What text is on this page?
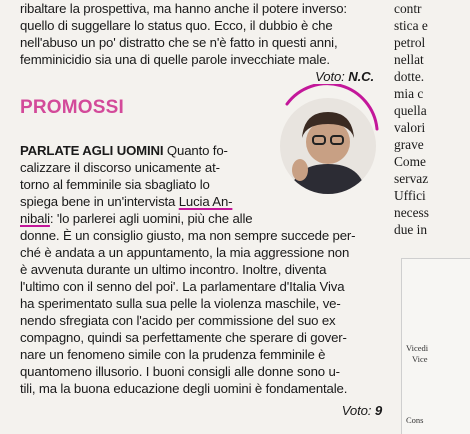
ribaltare la prospettiva, ma hanno anche il potere inverso:
quello di suggellare lo status quo. Ecco, il dubbio è che
nell'abuso un po' distratto che se n'è fatto in questi anni,
femminicidio sia una di quelle parole invecchiate male.
Voto: N.C.
PROMOSSI
PARLATE AGLI UOMINI Quanto fo-
calizzare il discorso unicamente at-
torno al femminile sia sbagliato lo
spiega bene in un'intervista Lucia An-
nibali: 'lo parlerei agli uomini, più che alle
donne. È un consiglio giusto, ma non sempre succede per-
ché è andata a un appuntamento, la mia aggressione non
è avvenuta durante un ultimo incontro. Inoltre, diventa
l'ultimo con il senno del poi'. La parlamentare d'Italia Viva
ha sperimentato sulla sua pelle la violenza maschile, ve-
nendo sfregiata con l'acido per commissione del suo ex
compagno, quindi sa perfettamente che sperare di gover-
nare un fenomeno simile con la prudenza femminile è
quantomeno illusorio. I buoni consigli alle donne sono u-
tili, ma la buona educazione degli uomini è fondamentale.
Voto: 9
contr
stica e
petrol
nellat
dotte.
mia c
quella
valori
grave
Come
servaz
Uffici
necess
due in
Vicedi
Vice
Cons
